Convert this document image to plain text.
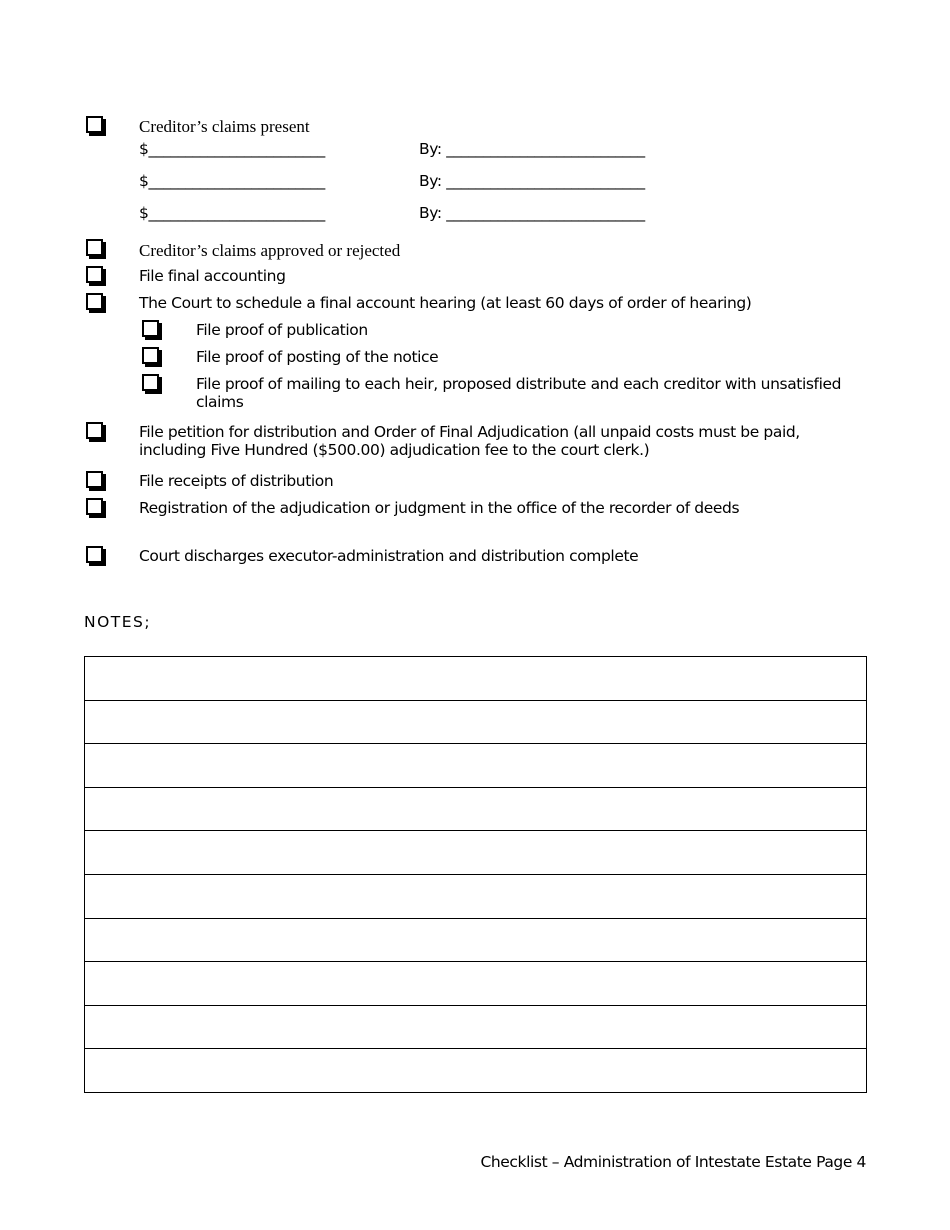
Creditor’s claims present
$________________________	By: ___________________________
$________________________	By: ___________________________
$________________________	By: ___________________________
Creditor’s claims approved or rejected
File final accounting
The Court to schedule a final account hearing (at least 60 days of order of hearing)
File proof of publication
File proof of posting of the notice
File proof of mailing to each heir, proposed distribute and each creditor with unsatisfied claims
File petition for distribution and Order of Final Adjudication (all unpaid costs must be paid, including Five Hundred ($500.00) adjudication fee to the court clerk.)
File receipts of distribution
Registration of the adjudication or judgment in the office of the recorder of deeds
Court discharges executor-administration and distribution complete
NOTES;

Checklist – Administration of Intestate Estate Page 4
